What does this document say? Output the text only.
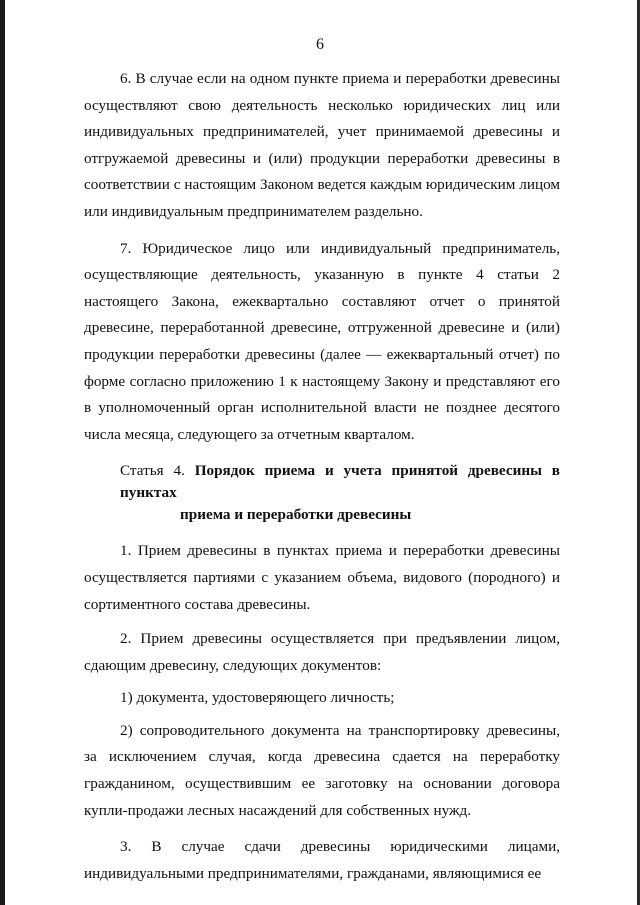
6

6. В случае если на одном пункте приема и переработки древесины осуществляют свою деятельность несколько юридических лиц или индивидуальных предпринимателей, учет принимаемой древесины и отгружаемой древесины и (или) продукции переработки древесины в соответствии с настоящим Законом ведется каждым юридическим лицом или индивидуальным предпринимателем раздельно.

7. Юридическое лицо или индивидуальный предприниматель, осуществляющие деятельность, указанную в пункте 4 статьи 2 настоящего Закона, ежеквартально составляют отчет о принятой древесине, переработанной древесине, отгруженной древесине и (или) продукции переработки древесины (далее — ежеквартальный отчет) по форме согласно приложению 1 к настоящему Закону и представляют его в уполномоченный орган исполнительной власти не позднее десятого числа месяца, следующего за отчетным кварталом.

Статья 4. Порядок приема и учета принятой древесины в пунктах
приема и переработки древесины

1. Прием древесины в пунктах приема и переработки древесины осуществляется партиями с указанием объема, видового (породного) и сортиментного состава древесины.

2. Прием древесины осуществляется при предъявлении лицом, сдающим древесину, следующих документов:

1) документа, удостоверяющего личность;

2) сопроводительного документа на транспортировку древесины, за исключением случая, когда древесина сдается на переработку гражданином, осуществившим ее заготовку на основании договора купли-продажи лесных насаждений для собственных нужд.

3. В случае сдачи древесины юридическими лицами, индивидуальными предпринимателями, гражданами, являющимися ее
